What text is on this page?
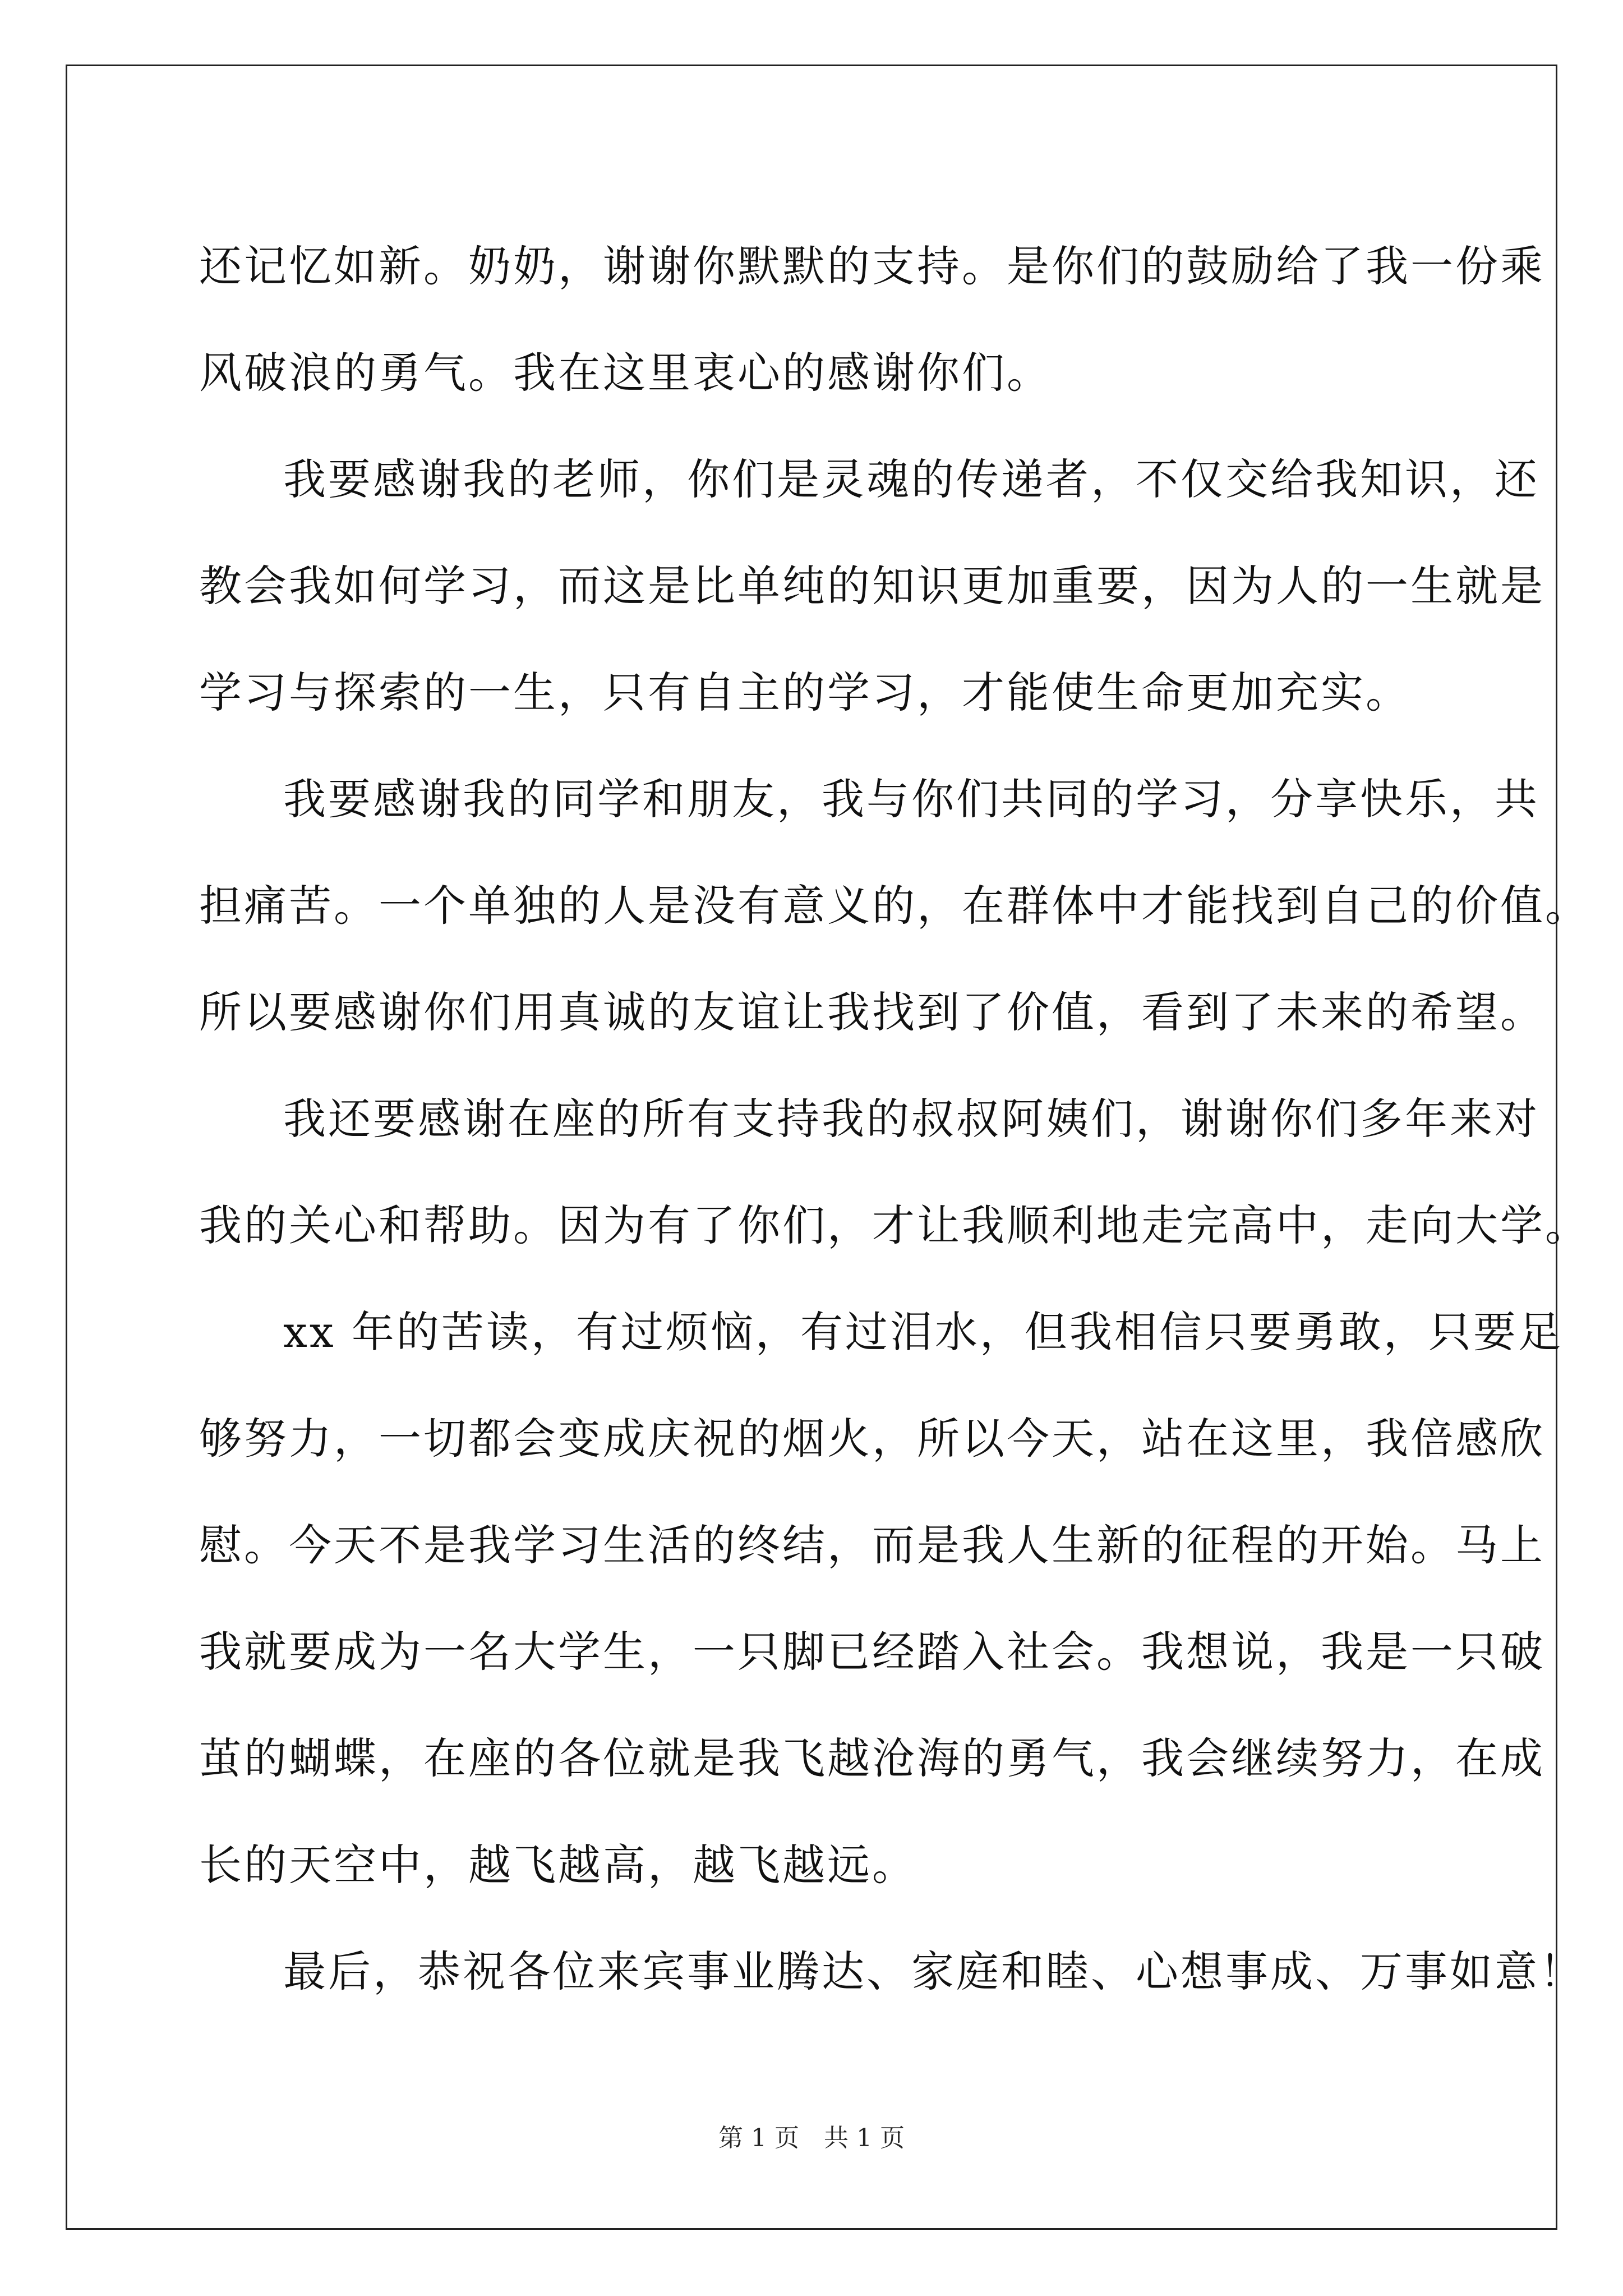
还记忆如新。奶奶，谢谢你默默的支持。是你们的鼓励给了我一份乘
风破浪的勇气。我在这里衷心的感谢你们。
我要感谢我的老师，你们是灵魂的传递者，不仅交给我知识，还
教会我如何学习，而这是比单纯的知识更加重要，因为人的一生就是
学习与探索的一生，只有自主的学习，才能使生命更加充实。
我要感谢我的同学和朋友，我与你们共同的学习，分享快乐，共
担痛苦。一个单独的人是没有意义的，在群体中才能找到自己的价值。
所以要感谢你们用真诚的友谊让我找到了价值，看到了未来的希望。
我还要感谢在座的所有支持我的叔叔阿姨们，谢谢你们多年来对
我的关心和帮助。因为有了你们，才让我顺利地走完高中，走向大学。
xx 年的苦读，有过烦恼，有过泪水，但我相信只要勇敢，只要足
够努力，一切都会变成庆祝的烟火，所以今天，站在这里，我倍感欣
慰。今天不是我学习生活的终结，而是我人生新的征程的开始。马上
我就要成为一名大学生，一只脚已经踏入社会。我想说，我是一只破
茧的蝴蝶，在座的各位就是我飞越沧海的勇气，我会继续努力，在成
长的天空中，越飞越高，越飞越远。
最后，恭祝各位来宾事业腾达、家庭和睦、心想事成、万事如意！
第 1 页　共 1 页
